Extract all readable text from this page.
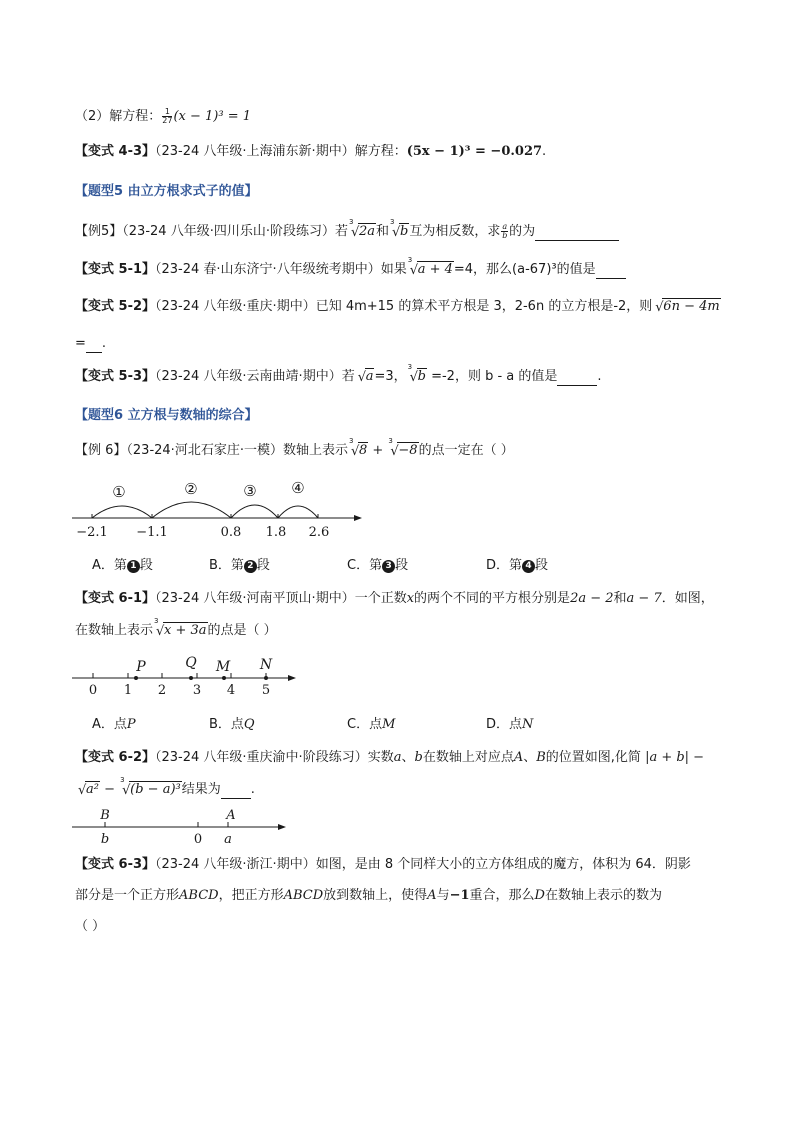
（2）解方程： $\frac{1}{27} (x - 1)^3 = 1$
【变式 4-3】（23-24 八年级·上海浦东新·期中）解方程：(5x − 1)³ = −0.027.
【题型5 由立方根求式子的值】
【例5】（23-24 八年级·四川乐山·阶段练习）若
3
√ 2a和
3
√ b互为相反数，求 $\frac{a}{b}$ 的为
【变式 5-1】（23-24 春·山东济宁·八年级统考期中）如果
3
√ a + 4=4，那么(a-67)³的值是
【变式 5-2】（23-24 八年级·重庆·期中）已知 4m+15 的算术平方根是 3，2-6n 的立方根是-2，则 √ 6n − 4m
= .
【变式 5-3】（23-24 八年级·云南曲靖·期中）若 √ a=3，
3
√ b =-2，则 b - a 的值是	.
【题型6 立方根与数轴的综合】
【例 6】（23-24·河北石家庄·一模）数轴上表示
3
√ 8 +
3
√ −8的点一定在（ ）
①	②	③ ④
−2.1 −1.1	0.8 1.8 2.6
A．第 1 段	B．第 2 段	C．第 3 段	D．第 4 段
【变式 6-1】（23-24 八年级·河南平顶山·期中）一个正数x的两个不同的平方根分别是2a − 2和a − 7．如图，
在数轴上表示
3
√ x + 3a的点是（ ）
P	Q M N
0 1 2 3 4 5
A．点P	B．点Q	C．点M	D．点N
【变式 6-2】（23-24 八年级·重庆渝中·阶段练习）实数a、b在数轴上对应点A、B的位置如图,化简 |a + b| −
√ a² −
3
√ (b − a)³结果为 .
B	A
b	0 a
【变式 6-3】（23-24 八年级·浙江·期中）如图，是由 8 个同样大小的立方体组成的魔方，体积为 64．阴影
部分是一个正方形ABCD，把正方形ABCD放到数轴上，使得A与−1重合，那么D在数轴上表示的数为
（ ）
